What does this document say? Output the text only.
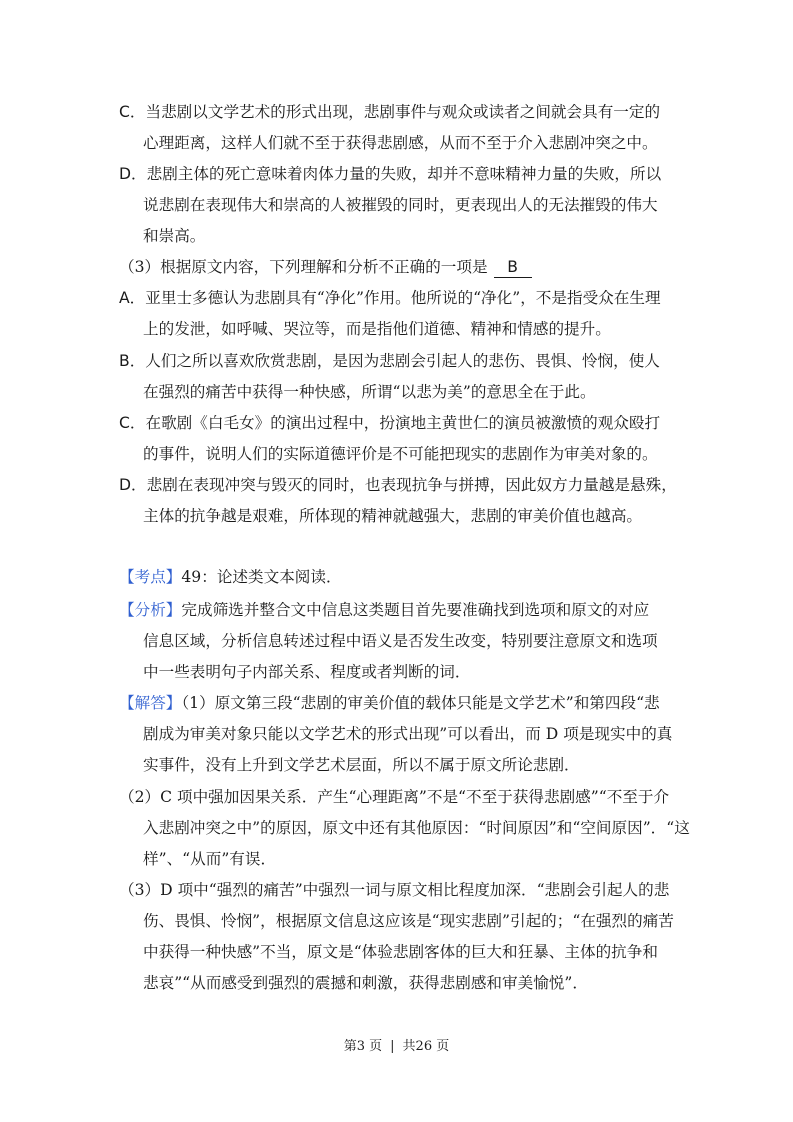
C．当悲剧以文学艺术的形式出现，悲剧事件与观众或读者之间就会具有一定的
心理距离，这样人们就不至于获得悲剧感，从而不至于介入悲剧冲突之中。
D．悲剧主体的死亡意味着肉体力量的失败，却并不意味精神力量的失败，所以
说悲剧在表现伟大和崇高的人被摧毁的同时，更表现出人的无法摧毁的伟大
和崇高。
（3）根据原文内容，下列理解和分析不正确的一项是 B
A．亚里士多德认为悲剧具有“净化”作用。他所说的“净化”，不是指受众在生理
上的发泄，如呼喊、哭泣等，而是指他们道德、精神和情感的提升。
B．人们之所以喜欢欣赏悲剧，是因为悲剧会引起人的悲伤、畏惧、怜悯，使人
在强烈的痛苦中获得一种快感，所谓“以悲为美”的意思全在于此。
C．在歌剧《白毛女》的演出过程中，扮演地主黄世仁的演员被激愤的观众殴打
的事件，说明人们的实际道德评价是不可能把现实的悲剧作为审美对象的。
D．悲剧在表现冲突与毁灭的同时，也表现抗争与拼搏，因此奴方力量越是悬殊，
主体的抗争越是艰难，所体现的精神就越强大，悲剧的审美价值也越高。
【考点】49：论述类文本阅读．
【分析】完成筛选并整合文中信息这类题目首先要准确找到选项和原文的对应
信息区域，分析信息转述过程中语义是否发生改变，特别要注意原文和选项
中一些表明句子内部关系、程度或者判断的词．
【解答】（1）原文第三段“悲剧的审美价值的载体只能是文学艺术”和第四段“悲
剧成为审美对象只能以文学艺术的形式出现”可以看出，而 D 项是现实中的真
实事件，没有上升到文学艺术层面，所以不属于原文所论悲剧．
（2）C 项中强加因果关系．产生“心理距离”不是“不至于获得悲剧感”“不至于介
入悲剧冲突之中”的原因，原文中还有其他原因：“时间原因”和“空间原因”．“这
样”、“从而”有误．
（3）D 项中“强烈的痛苦”中强烈一词与原文相比程度加深．“悲剧会引起人的悲
伤、畏惧、怜悯”，根据原文信息这应该是“现实悲剧”引起的；“在强烈的痛苦
中获得一种快感”不当，原文是“体验悲剧客体的巨大和狂暴、主体的抗争和
悲哀”“从而感受到强烈的震撼和刺激，获得悲剧感和审美愉悦”．
第3 页 | 共26 页
